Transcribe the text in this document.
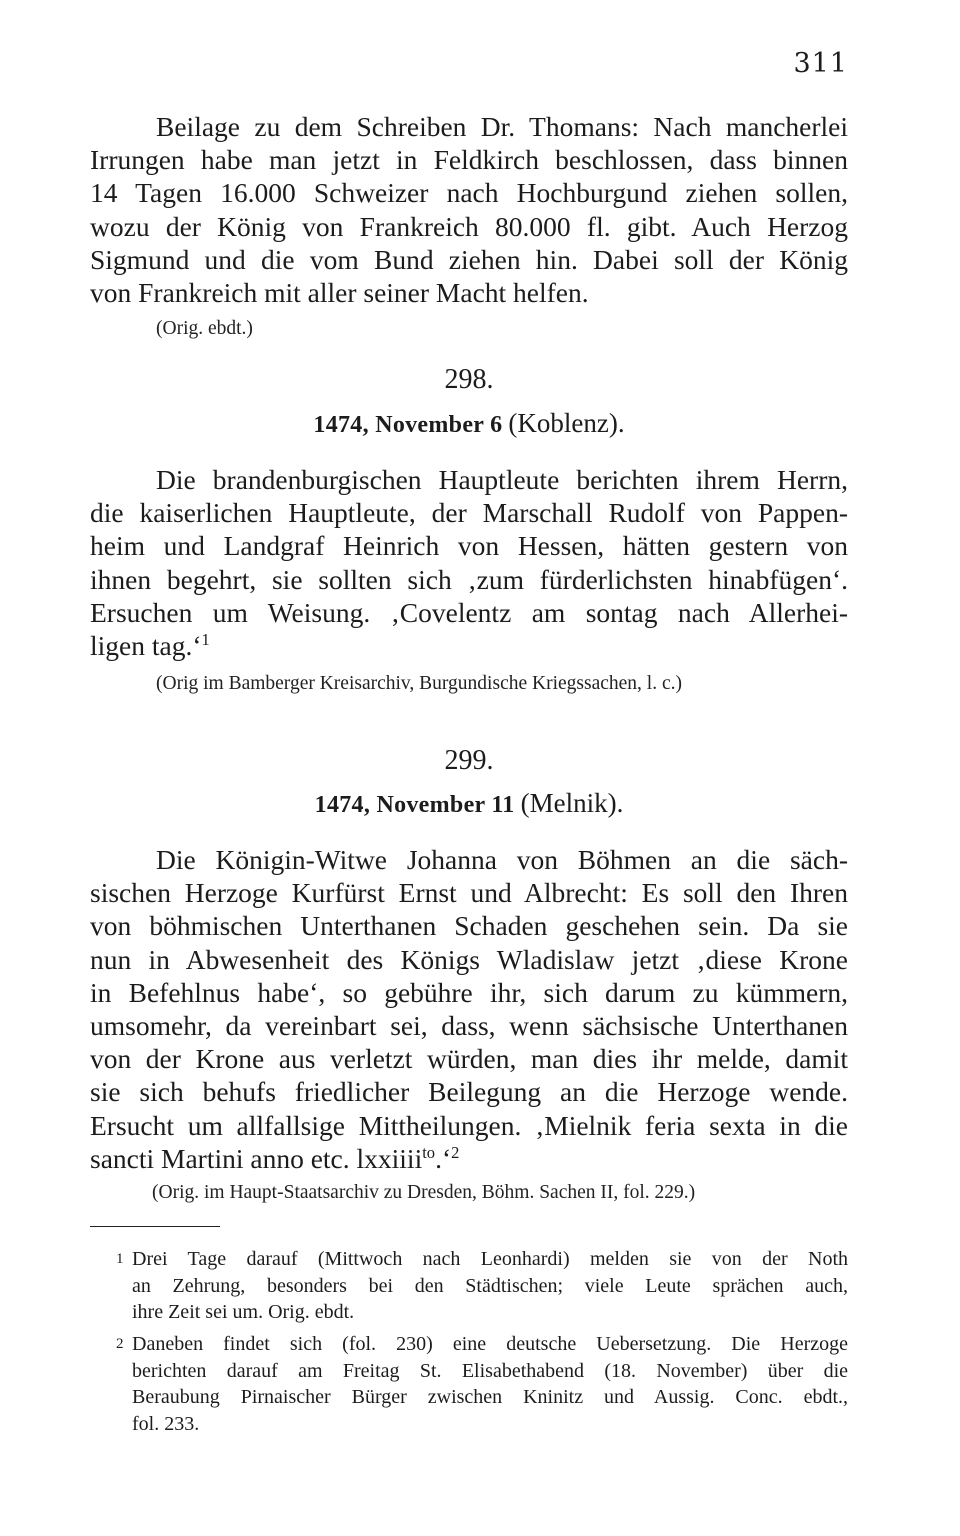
311

Beilage zu dem Schreiben Dr. Thomans: Nach mancherlei
Irrungen habe man jetzt in Feldkirch beschlossen, dass binnen
14 Tagen 16.000 Schweizer nach Hochburgund ziehen sollen,
wozu der König von Frankreich 80.000 fl. gibt. Auch Herzog
Sigmund und die vom Bund ziehen hin. Dabei soll der König
von Frankreich mit aller seiner Macht helfen.

(Orig. ebdt.)
298.
1474, November 6 (Koblenz).

Die brandenburgischen Hauptleute berichten ihrem Herrn,
die kaiserlichen Hauptleute, der Marschall Rudolf von Pappen-
heim und Landgraf Heinrich von Hessen, hätten gestern von
ihnen begehrt, sie sollten sich ‚zum fürderlichsten hinabfügen‘.
Ersuchen um Weisung. ‚Covelentz am sontag nach Allerhei-
ligen tag.‘$^1$

(Orig im Bamberger Kreisarchiv, Burgundische Kriegssachen, l. c.)
299.
1474, November 11 (Melnik).

Die Königin-Witwe Johanna von Böhmen an die säch-
sischen Herzoge Kurfürst Ernst und Albrecht: Es soll den Ihren
von böhmischen Unterthanen Schaden geschehen sein. Da sie
nun in Abwesenheit des Königs Wladislaw jetzt ‚diese Krone
in Befehlnus habe‘, so gebühre ihr, sich darum zu kümmern,
umsomehr, da vereinbart sei, dass, wenn sächsische Unterthanen
von der Krone aus verletzt würden, man dies ihr melde, damit
sie sich behufs friedlicher Beilegung an die Herzoge wende.
Ersucht um allfallsige Mittheilungen. ‚Mielnik feria sexta in die
sancti Martini anno etc. lxxiiii$^{to}$.‘$^2$

(Orig. im Haupt-Staatsarchiv zu Dresden, Böhm. Sachen II, fol. 229.)
1 Drei Tage darauf (Mittwoch nach Leonhardi) melden sie von der Noth
an Zehrung, besonders bei den Städtischen; viele Leute sprächen auch,
ihre Zeit sei um. Orig. ebdt.
2 Daneben findet sich (fol. 230) eine deutsche Uebersetzung. Die Herzoge
berichten darauf am Freitag St. Elisabethabend (18. November) über die
Beraubung Pirnaischer Bürger zwischen Kninitz und Aussig. Conc. ebdt.,
fol. 233.
